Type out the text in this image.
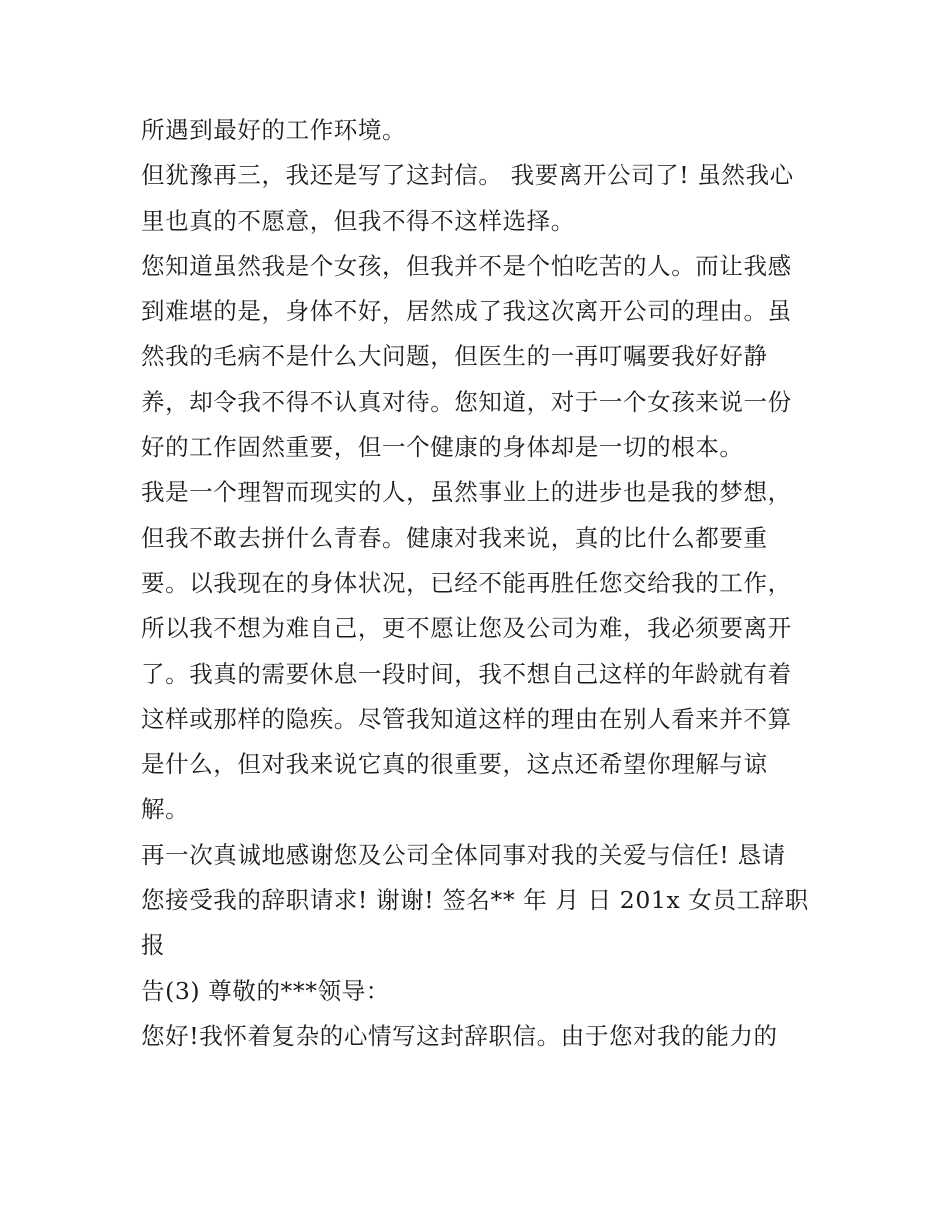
所遇到最好的工作环境。

但犹豫再三，我还是写了这封信。 我要离开公司了! 虽然我心

里也真的不愿意，但我不得不这样选择。

您知道虽然我是个女孩，但我并不是个怕吃苦的人。而让我感

到难堪的是，身体不好，居然成了我这次离开公司的理由。虽

然我的毛病不是什么大问题，但医生的一再叮嘱要我好好静

养，却令我不得不认真对待。您知道，对于一个女孩来说一份

好的工作固然重要，但一个健康的身体却是一切的根本。

我是一个理智而现实的人，虽然事业上的进步也是我的梦想，

但我不敢去拼什么青春。健康对我来说，真的比什么都要重

要。以我现在的身体状况，已经不能再胜任您交给我的工作，

所以我不想为难自己，更不愿让您及公司为难，我必须要离开

了。我真的需要休息一段时间，我不想自己这样的年龄就有着

这样或那样的隐疾。尽管我知道这样的理由在别人看来并不算

是什么，但对我来说它真的很重要，这点还希望你理解与谅

解。

再一次真诚地感谢您及公司全体同事对我的关爱与信任! 恳请

您接受我的辞职请求! 谢谢! 签名** 年 月 日 201x 女员工辞职报

告(3) 尊敬的***领导：

您好!我怀着复杂的心情写这封辞职信。由于您对我的能力的
